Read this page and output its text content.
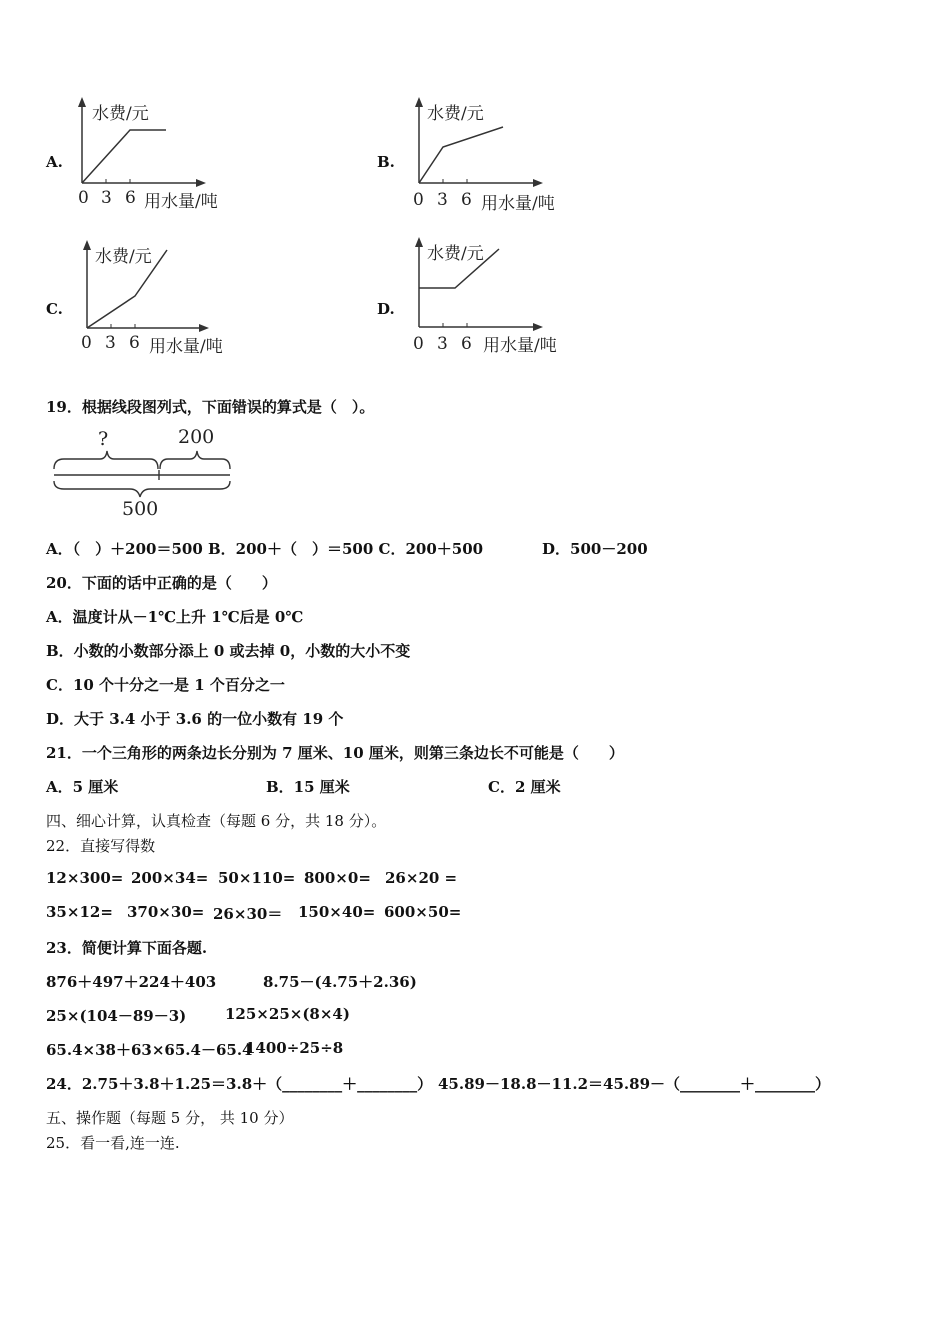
A.
水费/元
0 3 6 用水量/吨
B.
水费/元
0 3 6 用水量/吨
C.
水费/元
0 3 6 用水量/吨
D.
水费/元
0 3 6 用水量/吨
19．根据线段图列式，下面错误的算式是（　）。
?	200
500
A．（　）＋200＝500 B．200＋（　）＝500 C．200＋500	D．500－200
20．下面的话中正确的是（　　）
A．温度计从－1℃上升 1℃后是 0℃
B．小数的小数部分添上 0 或去掉 0，小数的大小不变
C．10 个十分之一是 1 个百分之一
D．大于 3.4 小于 3.6 的一位小数有 19 个
21．一个三角形的两条边长分别为 7 厘米、10 厘米，则第三条边长不可能是（　　）
A．5 厘米	B．15 厘米	C．2 厘米
四、细心计算，认真检查（每题 6 分，共 18 分）。
22．直接写得数
12×300= 200×34= 50×110= 800×0= 26×20 =
35×12= 370×30= 26×30＝ 150×40= 600×50=
23．简便计算下面各题.
876＋497＋224＋403	8.75－(4.75＋2.36)
25×(104－89－3)	125×25×(8×4)
65.4×38＋63×65.4－65.4
1400÷25÷8
24．2.75＋3.8＋1.25＝3.8＋（________＋________） 45.89－18.8－11.2＝45.89－（________＋________）
五、操作题（每题 5 分， 共 10 分）
25．看一看,连一连.
